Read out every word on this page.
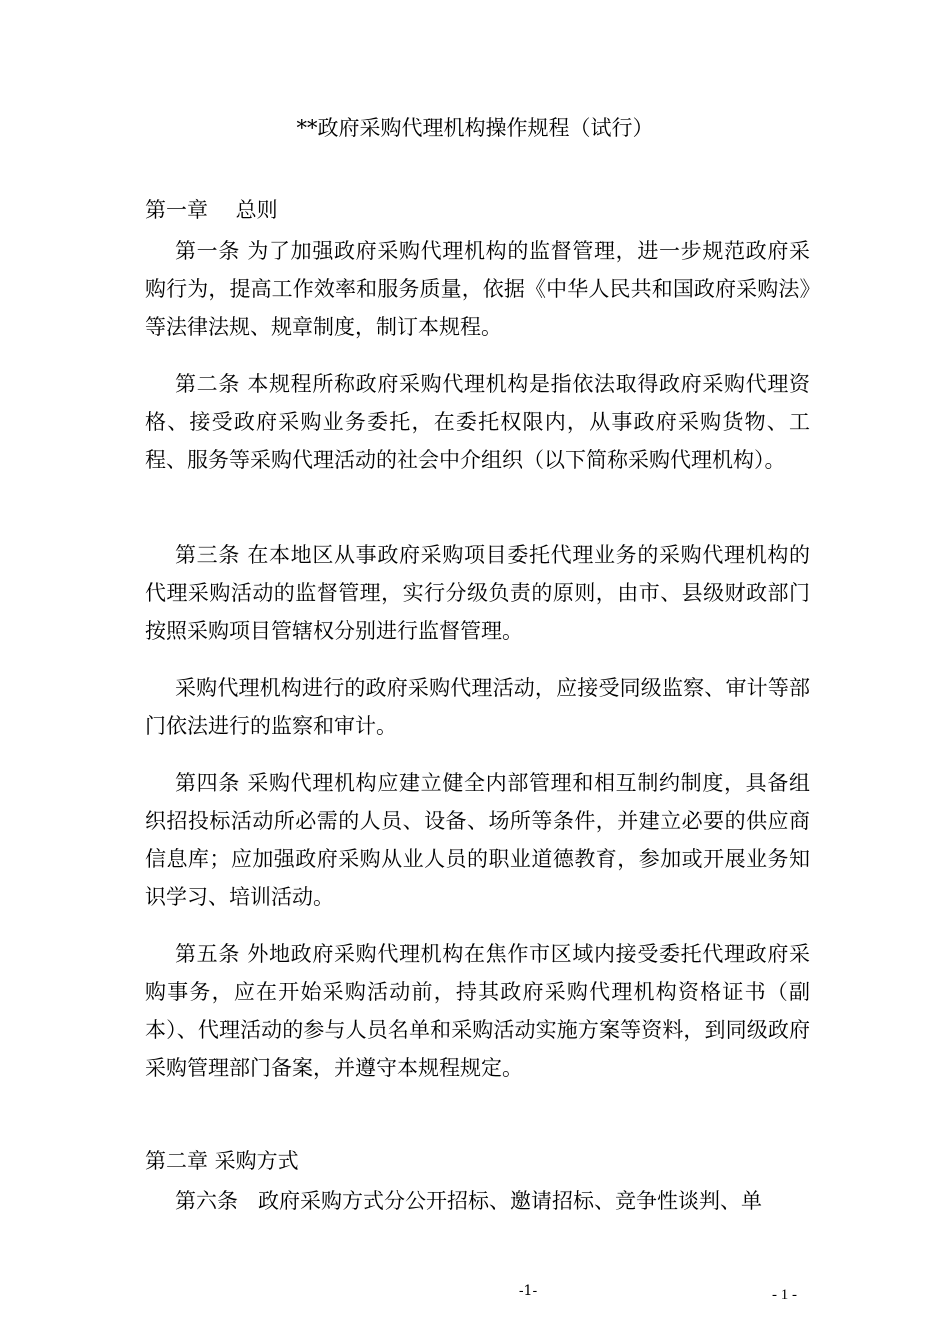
**政府采购代理机构操作规程（试行）
第一章　 总则
第一条 为了加强政府采购代理机构的监督管理，进一步规范政府采购行为，提高工作效率和服务质量，依据《中华人民共和国政府采购法》等法律法规、规章制度，制订本规程。
第二条 本规程所称政府采购代理机构是指依法取得政府采购代理资格、接受政府采购业务委托，在委托权限内，从事政府采购货物、工程、服务等采购代理活动的社会中介组织（以下简称采购代理机构）。
第三条 在本地区从事政府采购项目委托代理业务的采购代理机构的代理采购活动的监督管理，实行分级负责的原则，由市、县级财政部门按照采购项目管辖权分别进行监督管理。
采购代理机构进行的政府采购代理活动，应接受同级监察、审计等部门依法进行的监察和审计。
第四条 采购代理机构应建立健全内部管理和相互制约制度，具备组织招投标活动所必需的人员、设备、场所等条件，并建立必要的供应商信息库；应加强政府采购从业人员的职业道德教育，参加或开展业务知识学习、培训活动。
第五条 外地政府采购代理机构在焦作市区域内接受委托代理政府采购事务，应在开始采购活动前，持其政府采购代理机构资格证书（副本）、代理活动的参与人员名单和采购活动实施方案等资料，到同级政府采购管理部门备案，并遵守本规程规定。
第二章 采购方式
第六条   政府采购方式分公开招标、邀请招标、竞争性谈判、单
-1-	- 1 -
